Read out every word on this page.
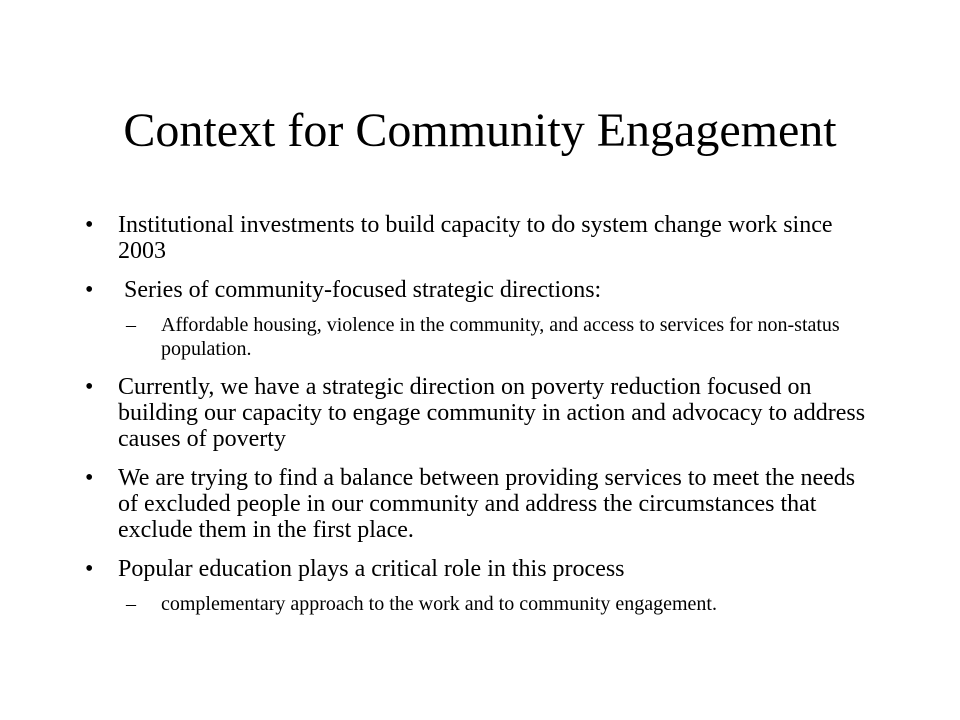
Context for Community Engagement
• Institutional investments to build capacity to do system change work since 2003
• Series of community-focused strategic directions:
– Affordable housing, violence in the community, and access to services for non-status population.
• Currently, we have a strategic direction on poverty reduction focused on building our capacity to engage community in action and advocacy to address causes of poverty
• We are trying to find a balance between providing services to meet the needs of excluded people in our community and address the circumstances that exclude them in the first place.
• Popular education plays a critical role in this process
– complementary approach to the work and to community engagement.
